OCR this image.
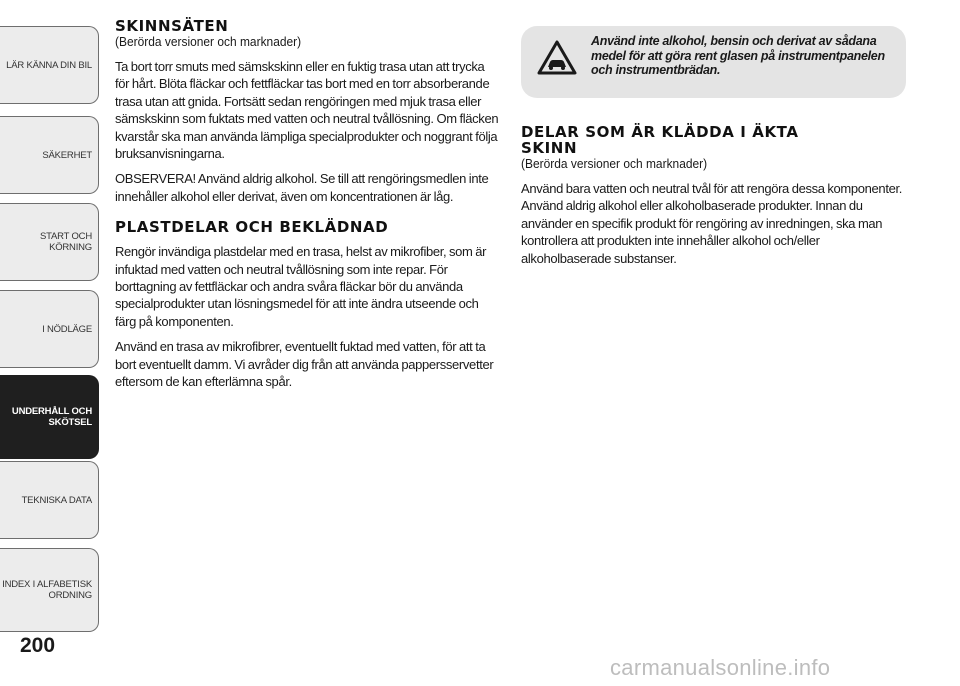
LÄR KÄNNA DIN BIL
SÄKERHET
START OCH
KÖRNING
I NÖDLÄGE
UNDERHÅLL OCH
SKÖTSEL
TEKNISKA DATA
INDEX I ALFABETISK
ORDNING
200
SKINNSÄTEN
(Berörda versioner och marknader)

Ta bort torr smuts med sämskskinn eller en fuktig trasa utan att trycka för hårt. Blöta fläckar och fettfläckar tas bort med en torr absorberande trasa utan att gnida. Fortsätt sedan rengöringen med mjuk trasa eller sämskskinn som fuktats med vatten och neutral tvållösning. Om fläcken kvarstår ska man använda lämpliga specialprodukter och noggrant följa bruksanvisningarna.

OBSERVERA! Använd aldrig alkohol. Se till att rengöringsmedlen inte innehåller alkohol eller derivat, även om koncentrationen är låg.

PLASTDELAR OCH BEKLÄDNAD

Rengör invändiga plastdelar med en trasa, helst av mikrofiber, som är infuktad med vatten och neutral tvållösning som inte repar. För borttagning av fettfläckar och andra svåra fläckar bör du använda specialprodukter utan lösningsmedel för att inte ändra utseende och färg på komponenten.

Använd en trasa av mikrofibrer, eventuellt fuktad med vatten, för att ta bort eventuellt damm. Vi avråder dig från att använda pappersservetter eftersom de kan efterlämna spår.

Använd inte alkohol, bensin och derivat av sådana medel för att göra rent glasen på instrumentpanelen och instrumentbrädan.
DELAR SOM ÄR KLÄDDA I ÄKTA SKINN
(Berörda versioner och marknader)

Använd bara vatten och neutral tvål för att rengöra dessa komponenter. Använd aldrig alkohol eller alkoholbaserade produkter. Innan du använder en specifik produkt för rengöring av inredningen, ska man kontrollera att produkten inte innehåller alkohol och/eller alkoholbaserade substanser.

carmanualsonline.info
